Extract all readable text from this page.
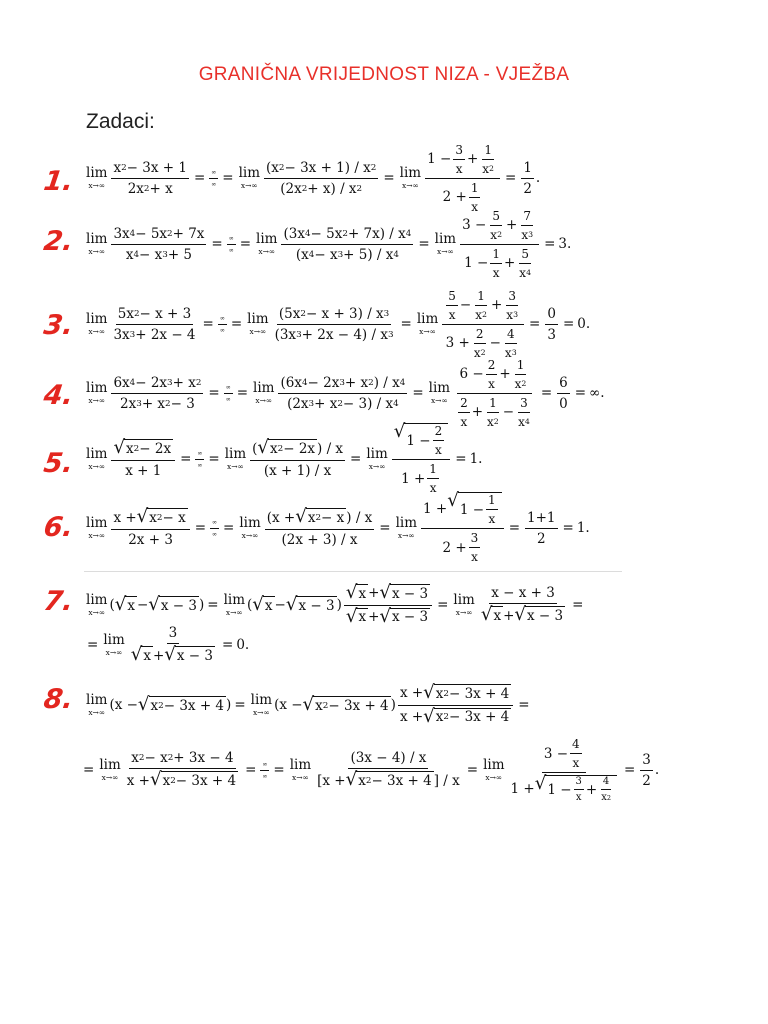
GRANIČNA VRIJEDNOST NIZA - VJEŽBA
Zadaci:
1. lim
$x\to\infty \frac{x 2 - 3x + 1}{2x 2 + x} = \frac{\infty}{\infty} = \lim$
$x\to\infty \frac{(x 2 - 3x + 1) / x 2}{(2x 2 + x) / x 2} = \lim$
$x\to\infty \frac{1 - \frac{3}{x} + \frac{1}{x 2}}{2 + \frac{1}{x}} = \frac{1}{2}$ .
2. lim
$x\to\infty \frac{3x 4 - 5x 2 + 7x}{x 4 - x 3 + 5} = \frac{\infty}{\infty} = \lim$
$x\to\infty \frac{(3x 4 - 5x 2 + 7x) / x 4}{(x 4 - x 3 + 5) / x 4} = \lim$
$x\to\infty \frac{3 - \frac{5}{x 2} + \frac{7}{x 3}}{1 - \frac{1}{x} + \frac{5}{x 4}} = 3$.
3. lim
$x\to\infty \frac{5x 2 - x + 3}{3x 3 + 2x - 4} = \frac{\infty}{\infty} = \lim$
$x\to\infty \frac{(5x 2 - x + 3) / x 3}{(3x 3 + 2x - 4) / x 3} = \lim$
$x\to\infty \frac{\frac{5}{x} - \frac{1}{x 2} + \frac{3}{x 3}}{3 + \frac{2}{x 2} - \frac{4}{x 3}} = \frac{0}{3} = 0$.
4. lim
$x\to\infty \frac{6x 4 - 2x 3 + x 2}{2x 3 + x 2 - 3} = \frac{\infty}{\infty} = \lim$
$x\to\infty \frac{(6x 4 - 2x 3 + x 2 ) / x 4}{(2x 3 + x 2 - 3) / x 4} = \lim$
$x\to\infty \frac{6 - \frac{2}{x} + \frac{1}{x 2}}{\frac{2}{x} + \frac{1}{x 2} - \frac{3}{x 4}} = \frac{6}{0}$ = ∞.
5. lim
$x\to\infty \frac{√ x 2 - 2x}{x + 1} = \frac{\infty}{\infty} = \lim$
$x\to\infty \frac{( √ x 2 - 2x ) / x}{(x + 1) / x} = \lim$
$x\to\infty \frac{√ 1 - \frac{2}{x}}{1 + \frac{1}{x}} = 1$.
6. lim
$x\to\infty \frac{x + √ x 2 - x}{2x + 3} = \frac{\infty}{\infty} = \lim$
$x\to\infty \frac{(x + √ x 2 - x ) / x}{(2x + 3) / x} = \lim$
$x\to\infty \frac{1 + √ 1 - \frac{1}{x}}{2 + \frac{3}{x}} = \frac{1+1}{2} = 1$.
7. lim
x→∞ ( √ x − √ x − 3 ) = lim
x→∞ ( √ x − √ x − 3 ) $\frac{√ x + √ x - 3}{√ x + √ x - 3} = \lim$
$x\to\infty \frac{x - x + 3}{√ x + √ x - 3}$ =
= lim
$x\to\infty \frac{3}{√ x + √ x - 3} = 0$.
8. lim
x→∞ (x − √ x 2 − 3x + 4 ) = lim
x→∞ (x − √ x 2 − 3x + 4 ) $\frac{x + √ x 2 - 3x + 4}{x + √ x 2 - 3x + 4}$ =
= lim
$x\to\infty \frac{x 2 - x 2 + 3x - 4}{x + √ x 2 - 3x + 4} = \frac{\infty}{\infty} = \lim$
$x\to\infty \frac{(3x - 4) / x}{[x + √ x 2 - 3x + 4 ] / x} = \lim$
$x\to\infty \frac{3 - \frac{4}{x}}{1 + √ 1 - \frac{3}{x} + \frac{4}{x 2}} = \frac{3}{2}$ .
